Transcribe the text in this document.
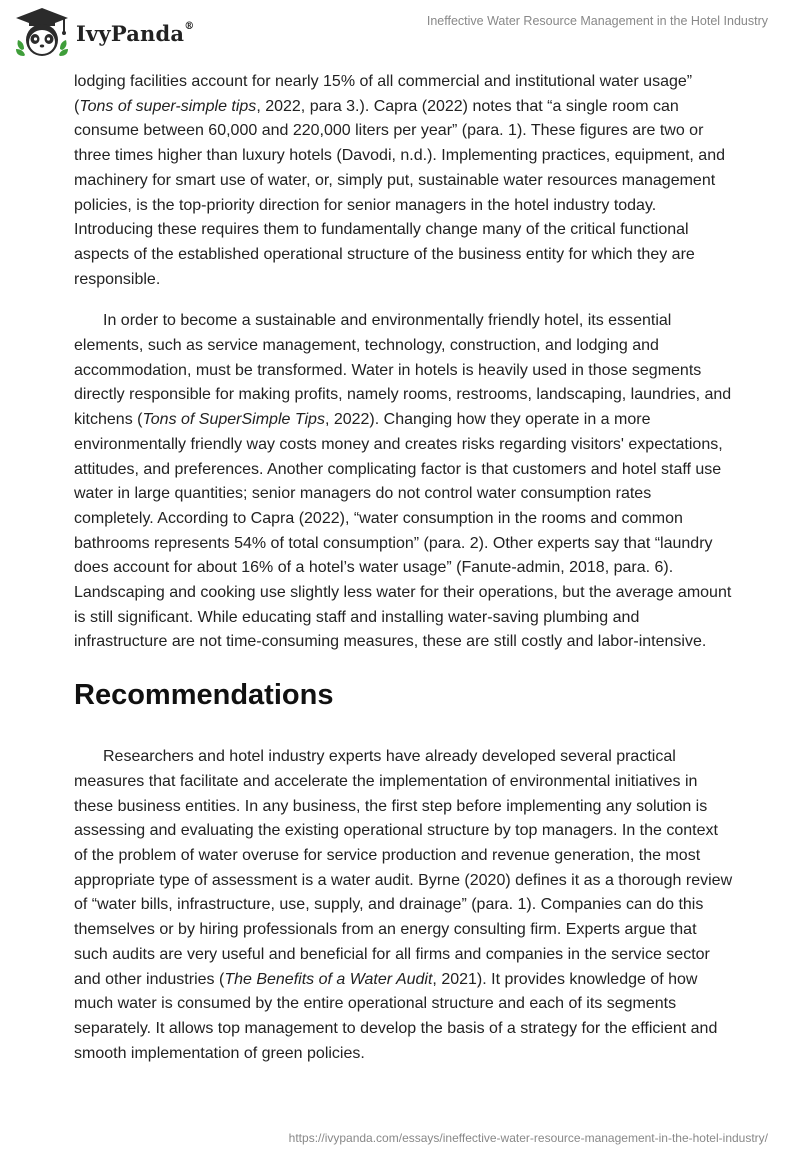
IvyPanda®	Ineffective Water Resource Management in the Hotel Industry

lodging facilities account for nearly 15% of all commercial and institutional water usage” (Tons of super-simple tips, 2022, para 3.). Capra (2022) notes that “a single room can consume between 60,000 and 220,000 liters per year” (para. 1). These figures are two or three times higher than luxury hotels (Davodi, n.d.). Implementing practices, equipment, and machinery for smart use of water, or, simply put, sustainable water resources management policies, is the top-priority direction for senior managers in the hotel industry today. Introducing these requires them to fundamentally change many of the critical functional aspects of the established operational structure of the business entity for which they are responsible.

In order to become a sustainable and environmentally friendly hotel, its essential elements, such as service management, technology, construction, and lodging and accommodation, must be transformed. Water in hotels is heavily used in those segments directly responsible for making profits, namely rooms, restrooms, landscaping, laundries, and kitchens (Tons of SuperSimple Tips, 2022). Changing how they operate in a more environmentally friendly way costs money and creates risks regarding visitors' expectations, attitudes, and preferences. Another complicating factor is that customers and hotel staff use water in large quantities; senior managers do not control water consumption rates completely. According to Capra (2022), “water consumption in the rooms and common bathrooms represents 54% of total consumption” (para. 2). Other experts say that “laundry does account for about 16% of a hotel’s water usage” (Fanute-admin, 2018, para. 6). Landscaping and cooking use slightly less water for their operations, but the average amount is still significant. While educating staff and installing water-saving plumbing and infrastructure are not time-consuming measures, these are still costly and labor-intensive.

Recommendations

Researchers and hotel industry experts have already developed several practical measures that facilitate and accelerate the implementation of environmental initiatives in these business entities. In any business, the first step before implementing any solution is assessing and evaluating the existing operational structure by top managers. In the context of the problem of water overuse for service production and revenue generation, the most appropriate type of assessment is a water audit. Byrne (2020) defines it as a thorough review of “water bills, infrastructure, use, supply, and drainage” (para. 1). Companies can do this themselves or by hiring professionals from an energy consulting firm. Experts argue that such audits are very useful and beneficial for all firms and companies in the service sector and other industries (The Benefits of a Water Audit, 2021). It provides knowledge of how much water is consumed by the entire operational structure and each of its segments separately. It allows top management to develop the basis of a strategy for the efficient and smooth implementation of green policies.

https://ivypanda.com/essays/ineffective-water-resource-management-in-the-hotel-industry/
